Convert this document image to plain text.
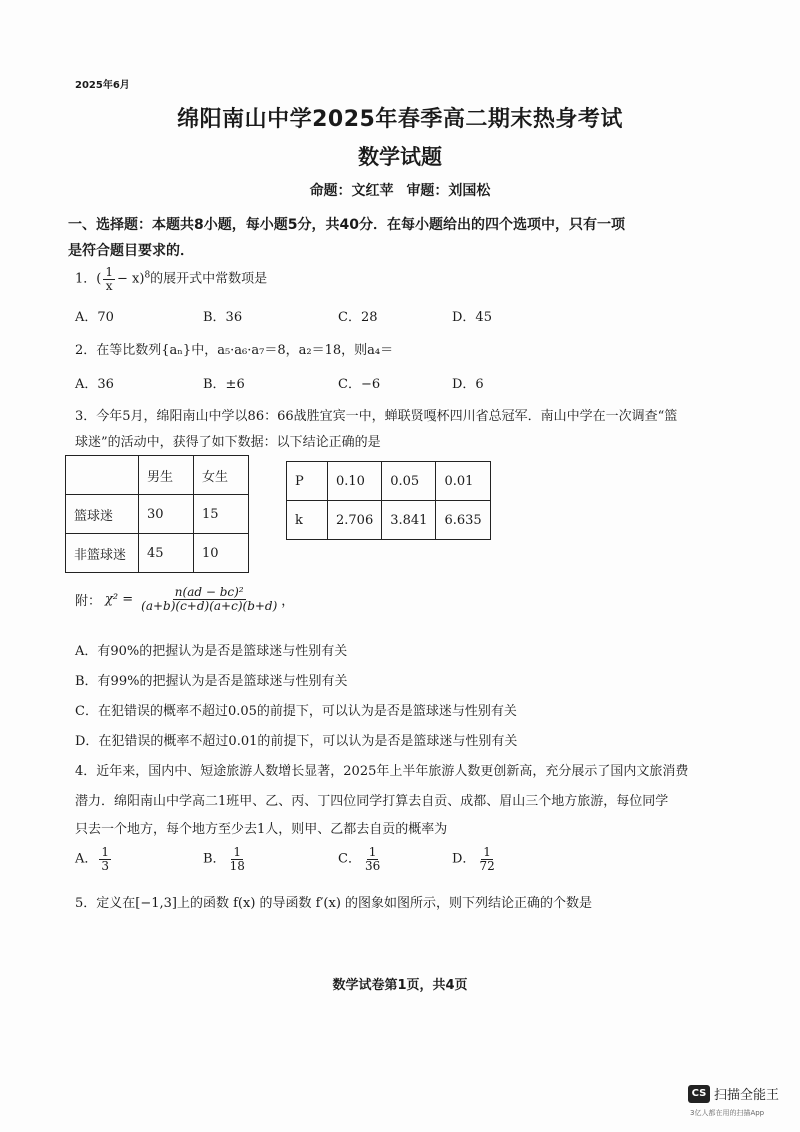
2025年6月
绵阳南山中学2025年春季高二期末热身考试
数学试题
命题：文红苹 审题：刘国松
一、选择题：本题共8小题，每小题5分，共40分．在每小题给出的四个选项中，只有一项
是符合题目要求的．
1．( $\frac{1}{x} - x)^8$的展开式中常数项是
A．70	B．36	C．28	D．45
2．在等比数列{aₙ}中，a₅·a₆·a₇＝8，a₂＝18，则a₄＝
A．36	B．±6	C．−6	D．6
3．今年5月，绵阳南山中学以86：66战胜宜宾一中，蝉联贤嘎杯四川省总冠军．南山中学在一次调查“篮
球迷”的活动中，获得了如下数据：以下结论正确的是
	男生	女生
篮球迷	30	15
非篮球迷	45	10
P	0.10	0.05	0.01
k	2.706	3.841	6.635
附： $\chi^2 = \frac{\text{n(ad − bc)²}}{(a+b)(c+d)(a+c)(b+d)}$ ，
A．有90%的把握认为是否是篮球迷与性别有关
B．有99%的把握认为是否是篮球迷与性别有关
C．在犯错误的概率不超过0.05的前提下，可以认为是否是篮球迷与性别有关
D．在犯错误的概率不超过0.01的前提下，可以认为是否是篮球迷与性别有关
4．近年来，国内中、短途旅游人数增长显著，2025年上半年旅游人数更创新高，充分展示了国内文旅消费
潜力．绵阳南山中学高二1班甲、乙、丙、丁四位同学打算去自贡、成都、眉山三个地方旅游，每位同学
只去一个地方，每个地方至少去1人，则甲、乙都去自贡的概率为
A． $\frac{1}{3}$	B． $\frac{1}{18}$	C． $\frac{1}{36}$	D． $\frac{1}{72}$
5．定义在[−1,3]上的函数 f(x) 的导函数 f′(x) 的图象如图所示，则下列结论正确的个数是
数学试卷第1页，共4页
CS 扫描全能王
3亿人都在用的扫描App
